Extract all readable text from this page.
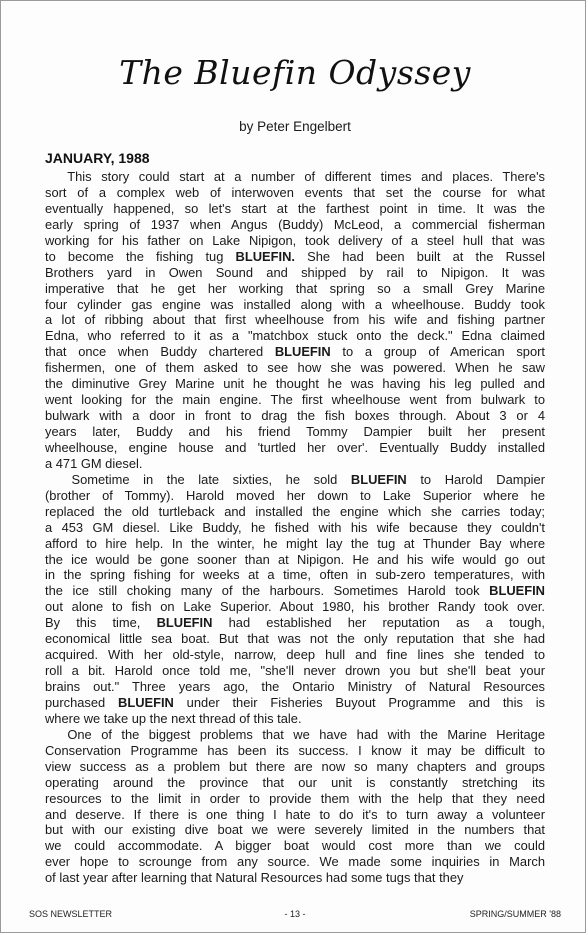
The Bluefin Odyssey
by Peter Engelbert
JANUARY, 1988
  This story could start at a number of different times and places. There's
sort of a complex web of interwoven events that set the course for what
eventually happened, so let's start at the farthest point in time. It was the
early spring of 1937 when Angus (Buddy) McLeod, a commercial fisherman
working for his father on Lake Nipigon, took delivery of a steel hull that was
to become the fishing tug BLUEFIN. She had been built at the Russel
Brothers yard in Owen Sound and shipped by rail to Nipigon. It was
imperative that he get her working that spring so a small Grey Marine
four cylinder gas engine was installed along with a wheelhouse. Buddy took
a lot of ribbing about that first wheelhouse from his wife and fishing partner
Edna, who referred to it as a "matchbox stuck onto the deck." Edna claimed
that once when Buddy chartered BLUEFIN to a group of American sport
fishermen, one of them asked to see how she was powered. When he saw
the diminutive Grey Marine unit he thought he was having his leg pulled and
went looking for the main engine. The first wheelhouse went from bulwark to
bulwark with a door in front to drag the fish boxes through. About 3 or 4
years later, Buddy and his friend Tommy Dampier built her present
wheelhouse, engine house and 'turtled her over'. Eventually Buddy installed
a 471 GM diesel.
  Sometime in the late sixties, he sold BLUEFIN to Harold Dampier
(brother of Tommy). Harold moved her down to Lake Superior where he
replaced the old turtleback and installed the engine which she carries today;
a 453 GM diesel. Like Buddy, he fished with his wife because they couldn't
afford to hire help. In the winter, he might lay the tug at Thunder Bay where
the ice would be gone sooner than at Nipigon. He and his wife would go out
in the spring fishing for weeks at a time, often in sub-zero temperatures, with
the ice still choking many of the harbours. Sometimes Harold took BLUEFIN
out alone to fish on Lake Superior. About 1980, his brother Randy took over.
By this time, BLUEFIN had established her reputation as a tough,
economical little sea boat. But that was not the only reputation that she had
acquired. With her old-style, narrow, deep hull and fine lines she tended to
roll a bit. Harold once told me, "she'll never drown you but she'll beat your
brains out." Three years ago, the Ontario Ministry of Natural Resources
purchased BLUEFIN under their Fisheries Buyout Programme and this is
where we take up the next thread of this tale.
  One of the biggest problems that we have had with the Marine Heritage
Conservation Programme has been its success. I know it may be difficult to
view success as a problem but there are now so many chapters and groups
operating around the province that our unit is constantly stretching its
resources to the limit in order to provide them with the help that they need
and deserve. If there is one thing I hate to do it's to turn away a volunteer
but with our existing dive boat we were severely limited in the numbers that
we could accommodate. A bigger boat would cost more than we could
ever hope to scrounge from any source. We made some inquiries in March
of last year after learning that Natural Resources had some tugs that they
SOS NEWSLETTER	- 13 -	SPRING/SUMMER '88
